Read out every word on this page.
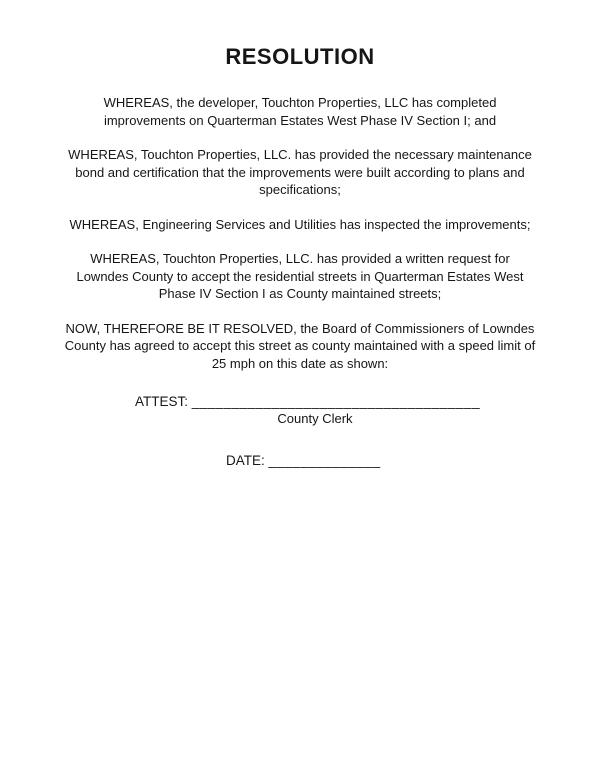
RESOLUTION

WHEREAS, the developer, Touchton Properties, LLC has completed improvements on Quarterman Estates West Phase IV Section I; and

WHEREAS, Touchton Properties, LLC. has provided the necessary maintenance bond and certification that the improvements were built according to plans and specifications;

WHEREAS, Engineering Services and Utilities has inspected the improvements;

WHEREAS, Touchton Properties, LLC. has provided a written request for Lowndes County to accept the residential streets in Quarterman Estates West Phase IV Section I as County maintained streets;

NOW, THEREFORE BE IT RESOLVED, the Board of Commissioners of Lowndes County has agreed to accept this street as county maintained with a speed limit of 25 mph on this date as shown:

ATTEST: ____________________________________
County Clerk
DATE: ______________
